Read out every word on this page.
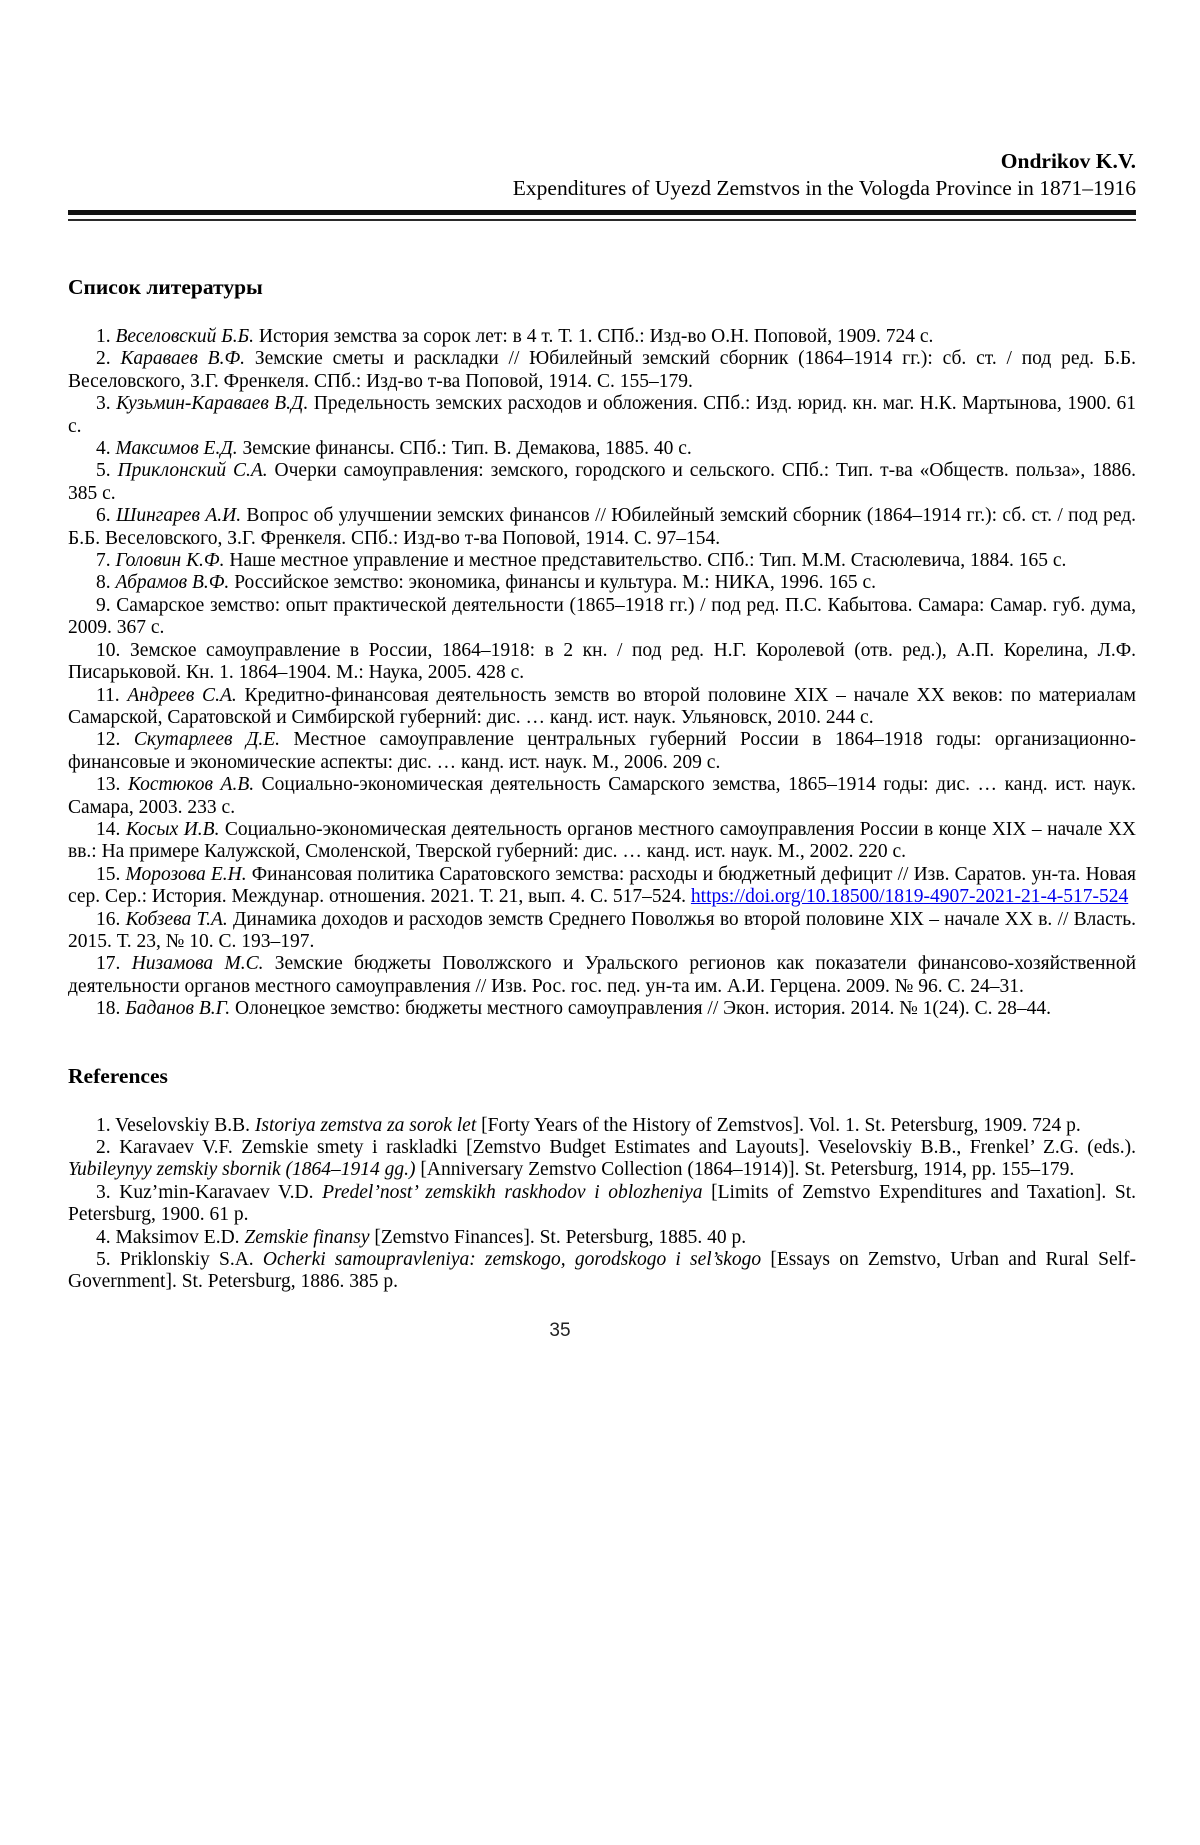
Ondrikov K.V.
Expenditures of Uyezd Zemstvos in the Vologda Province in 1871–1916
Список литературы

1. Веселовский Б.Б. История земства за сорок лет: в 4 т. Т. 1. СПб.: Изд-во О.Н. Поповой, 1909. 724 с.

2. Караваев В.Ф. Земские сметы и раскладки // Юбилейный земский сборник (1864–1914 гг.): сб. ст. / под ред. Б.Б. Веселовского, З.Г. Френкеля. СПб.: Изд-во т-ва Поповой, 1914. С. 155–179.

3. Кузьмин-Караваев В.Д. Предельность земских расходов и обложения. СПб.: Изд. юрид. кн. маг. Н.К. Мартынова, 1900. 61 с.

4. Максимов Е.Д. Земские финансы. СПб.: Тип. В. Демакова, 1885. 40 с.

5. Приклонский С.А. Очерки самоуправления: земского, городского и сельского. СПб.: Тип. т-ва «Обществ. польза», 1886. 385 с.

6. Шингарев А.И. Вопрос об улучшении земских финансов // Юбилейный земский сборник (1864–1914 гг.): сб. ст. / под ред. Б.Б. Веселовского, З.Г. Френкеля. СПб.: Изд-во т-ва Поповой, 1914. С. 97–154.

7. Головин К.Ф. Наше местное управление и местное представительство. СПб.: Тип. М.М. Стасюлевича, 1884. 165 с.

8. Абрамов В.Ф. Российское земство: экономика, финансы и культура. М.: НИКА, 1996. 165 с.

9. Самарское земство: опыт практической деятельности (1865–1918 гг.) / под ред. П.С. Кабытова. Самара: Самар. губ. дума, 2009. 367 с.

10. Земское самоуправление в России, 1864–1918: в 2 кн. / под ред. Н.Г. Королевой (отв. ред.), А.П. Корелина, Л.Ф. Писарьковой. Кн. 1. 1864–1904. М.: Наука, 2005. 428 с.

11. Андреев С.А. Кредитно-финансовая деятельность земств во второй половине XIX – начале XX веков: по материалам Самарской, Саратовской и Симбирской губерний: дис. … канд. ист. наук. Ульяновск, 2010. 244 с.

12. Скутарлеев Д.Е. Местное самоуправление центральных губерний России в 1864–1918 годы: организационно-финансовые и экономические аспекты: дис. … канд. ист. наук. М., 2006. 209 с.

13. Костюков А.В. Социально-экономическая деятельность Самарского земства, 1865–1914 годы: дис. … канд. ист. наук. Самара, 2003. 233 с.

14. Косых И.В. Социально-экономическая деятельность органов местного самоуправления России в конце XIX – начале XX вв.: На примере Калужской, Смоленской, Тверской губерний: дис. … канд. ист. наук. М., 2002. 220 с.

15. Морозова Е.Н. Финансовая политика Саратовского земства: расходы и бюджетный дефицит // Изв. Саратов. ун-та. Новая сер. Сер.: История. Междунар. отношения. 2021. Т. 21, вып. 4. С. 517–524. https://doi.org/10.18500/1819-4907-2021-21-4-517-524

16. Кобзева Т.А. Динамика доходов и расходов земств Среднего Поволжья во второй половине XIX – начале XX в. // Власть. 2015. Т. 23, № 10. С. 193–197.

17. Низамова М.С. Земские бюджеты Поволжского и Уральского регионов как показатели финансово-хозяйственной деятельности органов местного самоуправления // Изв. Рос. гос. пед. ун-та им. А.И. Герцена. 2009. № 96. С. 24–31.

18. Баданов В.Г. Олонецкое земство: бюджеты местного самоуправления // Экон. история. 2014. № 1(24). С. 28–44.

References

1. Veselovskiy B.B. Istoriya zemstva za sorok let [Forty Years of the History of Zemstvos]. Vol. 1. St. Petersburg, 1909. 724 p.

2. Karavaev V.F. Zemskie smety i raskladki [Zemstvo Budget Estimates and Layouts]. Veselovskiy B.B., Frenkel’ Z.G. (eds.). Yubileynyy zemskiy sbornik (1864–1914 gg.) [Anniversary Zemstvo Collection (1864–1914)]. St. Petersburg, 1914, pp. 155–179.

3. Kuz’min-Karavaev V.D. Predel’nost’ zemskikh raskhodov i oblozheniya [Limits of Zemstvo Expenditures and Taxation]. St. Petersburg, 1900. 61 p.

4. Maksimov E.D. Zemskie finansy [Zemstvo Finances]. St. Petersburg, 1885. 40 p.

5. Priklonskiy S.A. Ocherki samoupravleniya: zemskogo, gorodskogo i sel’skogo [Essays on Zemstvo, Urban and Rural Self-Government]. St. Petersburg, 1886. 385 p.

35
